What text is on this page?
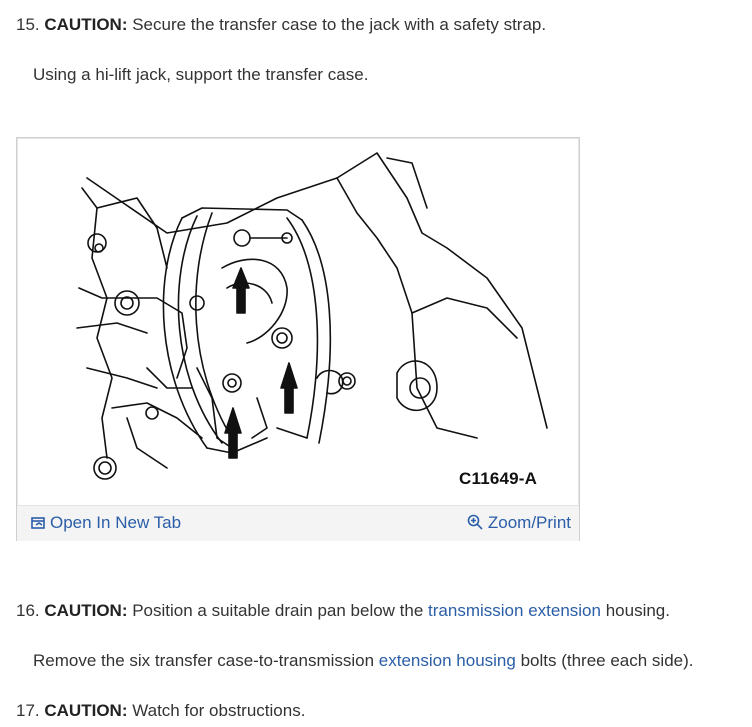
15. CAUTION: Secure the transfer case to the jack with a safety strap.
Using a hi-lift jack, support the transfer case.
C11649-A
Open In New Tab	Zoom/Print
16. CAUTION: Position a suitable drain pan below the transmission extension housing.
Remove the six transfer case-to-transmission extension housing bolts (three each side).
17. CAUTION: Watch for obstructions.
